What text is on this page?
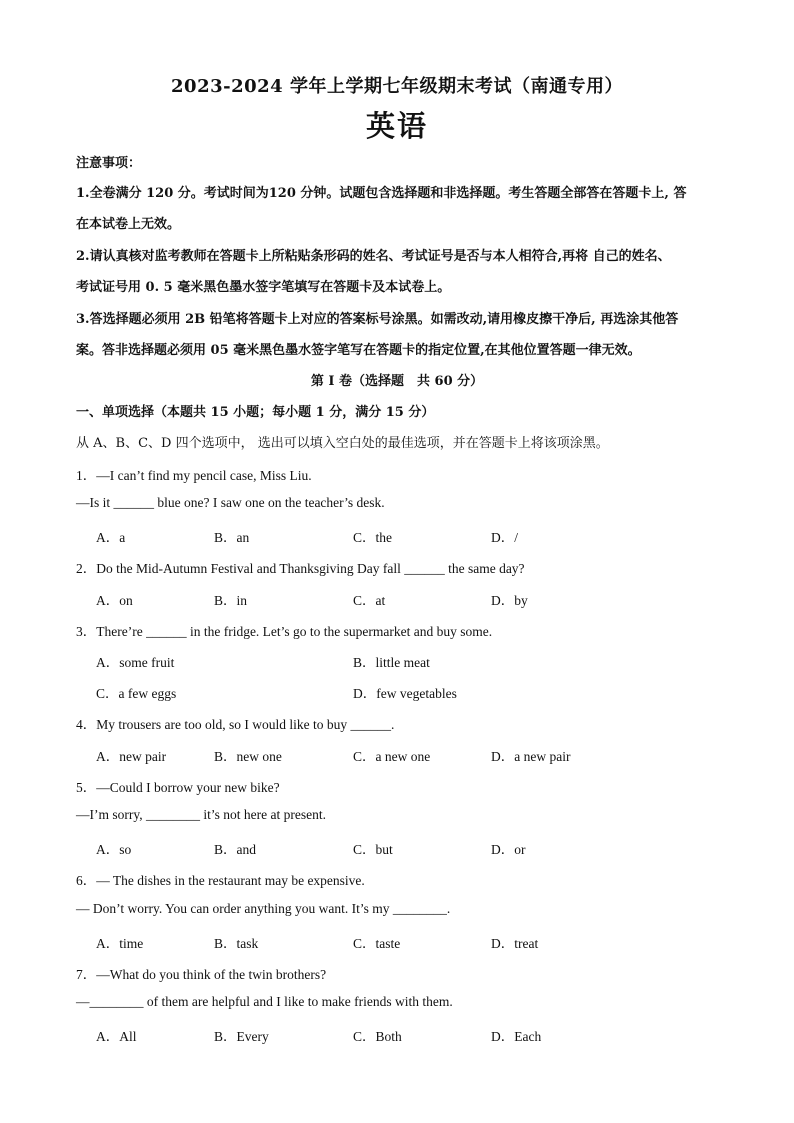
2023-2024 学年上学期七年级期末考试（南通专用）
英语
注意事项：
1.全卷满分 120 分。考试时间为120 分钟。试题包含选择题和非选择题。考生答题全部答在答题卡上, 答
在本试卷上无效。
2.请认真核对监考教师在答题卡上所粘贴条形码的姓名、考试证号是否与本人相符合,再将 自己的姓名、
考试证号用 0. 5 毫米黑色墨水签字笔填写在答题卡及本试卷上。
3.答选择题必须用 2B 铅笔将答题卡上对应的答案标号涂黑。如需改动,请用橡皮擦干净后, 再选涂其他答
案。答非选择题必须用 05 毫米黑色墨水签字笔写在答题卡的指定位置,在其他位置答题一律无效。
第 I 卷（选择题　共 60 分）
一、单项选择（本题共 15 小题；每小题 1 分，满分 15 分）
从 A、B、C、D 四个选项中， 选出可以填入空白处的最佳选项，并在答题卡上将该项涂黑。
1．—I can’t find my pencil case, Miss Liu.
—Is it ______ blue one? I saw one on the teacher’s desk.
A．a	B．an	C．the	D．/
2．Do the Mid-Autumn Festival and Thanksgiving Day fall ______ the same day?
A．on	B．in	C．at	D．by
3．There’re ______ in the fridge. Let’s go to the supermarket and buy some.
A．some fruit	B．little meat
C．a few eggs	D．few vegetables
4．My trousers are too old, so I would like to buy ______.
A．new pair	B．new one	C．a new one	D．a new pair
5．—Could I borrow your new bike?
—I’m sorry, ________ it’s not here at present.
A．so	B．and	C．but	D．or
6．— The dishes in the restaurant may be expensive.
— Don’t worry. You can order anything you want. It’s my ________.
A．time	B．task	C．taste	D．treat
7．—What do you think of the twin brothers?
—________ of them are helpful and I like to make friends with them.
A．All	B．Every	C．Both	D．Each
